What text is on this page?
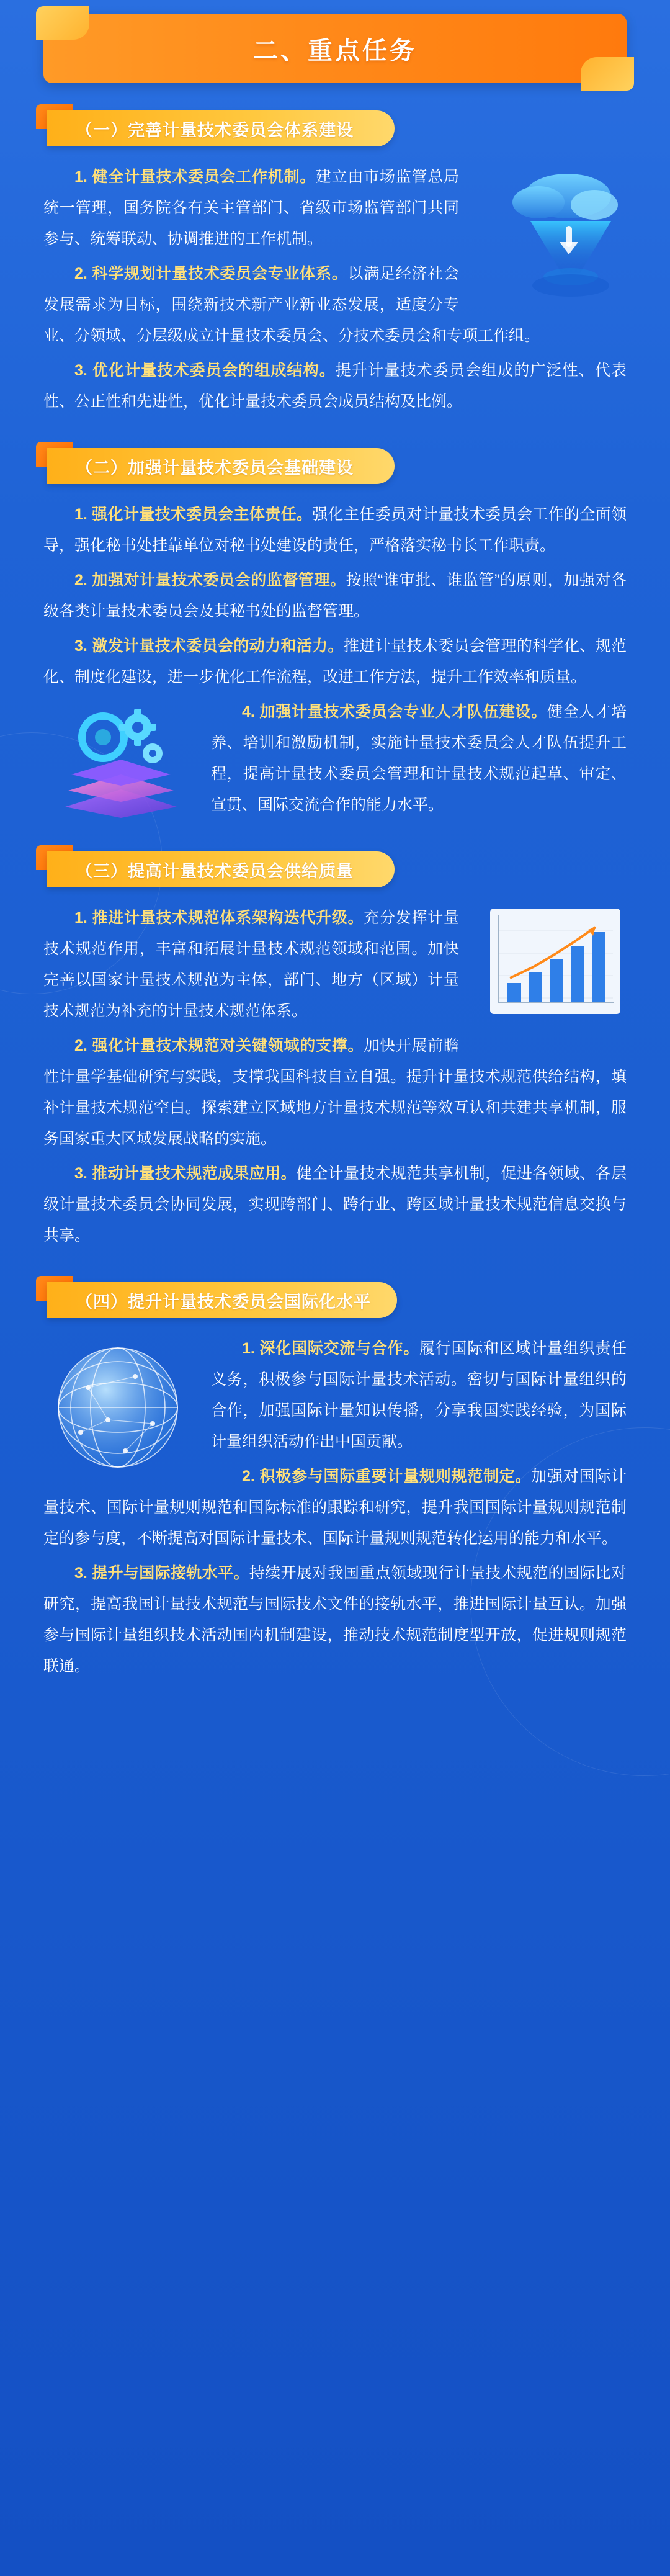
二、重点任务
（一）完善计量技术委员会体系建设

1. 健全计量技术委员会工作机制。建立由市场监管总局统一管理，国务院各有关主管部门、省级市场监管部门共同参与、统筹联动、协调推进的工作机制。

2. 科学规划计量技术委员会专业体系。以满足经济社会发展需求为目标，围绕新技术新产业新业态发展，适度分专业、分领域、分层级成立计量技术委员会、分技术委员会和专项工作组。

3. 优化计量技术委员会的组成结构。提升计量技术委员会组成的广泛性、代表性、公正性和先进性，优化计量技术委员会成员结构及比例。

（二）加强计量技术委员会基础建设

1. 强化计量技术委员会主体责任。强化主任委员对计量技术委员会工作的全面领导，强化秘书处挂靠单位对秘书处建设的责任，严格落实秘书长工作职责。

2. 加强对计量技术委员会的监督管理。按照“谁审批、谁监管”的原则，加强对各级各类计量技术委员会及其秘书处的监督管理。

3. 激发计量技术委员会的动力和活力。推进计量技术委员会管理的科学化、规范化、制度化建设，进一步优化工作流程，改进工作方法，提升工作效率和质量。

4. 加强计量技术委员会专业人才队伍建设。健全人才培养、培训和激励机制，实施计量技术委员会人才队伍提升工程，提高计量技术委员会管理和计量技术规范起草、审定、宣贯、国际交流合作的能力水平。

（三）提高计量技术委员会供给质量

1. 推进计量技术规范体系架构迭代升级。充分发挥计量技术规范作用，丰富和拓展计量技术规范领域和范围。加快完善以国家计量技术规范为主体，部门、地方（区域）计量技术规范为补充的计量技术规范体系。

2. 强化计量技术规范对关键领域的支撑。加快开展前瞻性计量学基础研究与实践，支撑我国科技自立自强。提升计量技术规范供给结构，填补计量技术规范空白。探索建立区域地方计量技术规范等效互认和共建共享机制，服务国家重大区域发展战略的实施。

3. 推动计量技术规范成果应用。健全计量技术规范共享机制，促进各领域、各层级计量技术委员会协同发展，实现跨部门、跨行业、跨区域计量技术规范信息交换与共享。

（四）提升计量技术委员会国际化水平

1. 深化国际交流与合作。履行国际和区域计量组织责任义务，积极参与国际计量技术活动。密切与国际计量组织的合作，加强国际计量知识传播，分享我国实践经验，为国际计量组织活动作出中国贡献。

2. 积极参与国际重要计量规则规范制定。加强对国际计量技术、国际计量规则规范和国际标准的跟踪和研究，提升我国国际计量规则规范制定的参与度，不断提高对国际计量技术、国际计量规则规范转化运用的能力和水平。

3. 提升与国际接轨水平。持续开展对我国重点领域现行计量技术规范的国际比对研究，提高我国计量技术规范与国际技术文件的接轨水平，推进国际计量互认。加强参与国际计量组织技术活动国内机制建设，推动技术规范制度型开放，促进规则规范联通。
